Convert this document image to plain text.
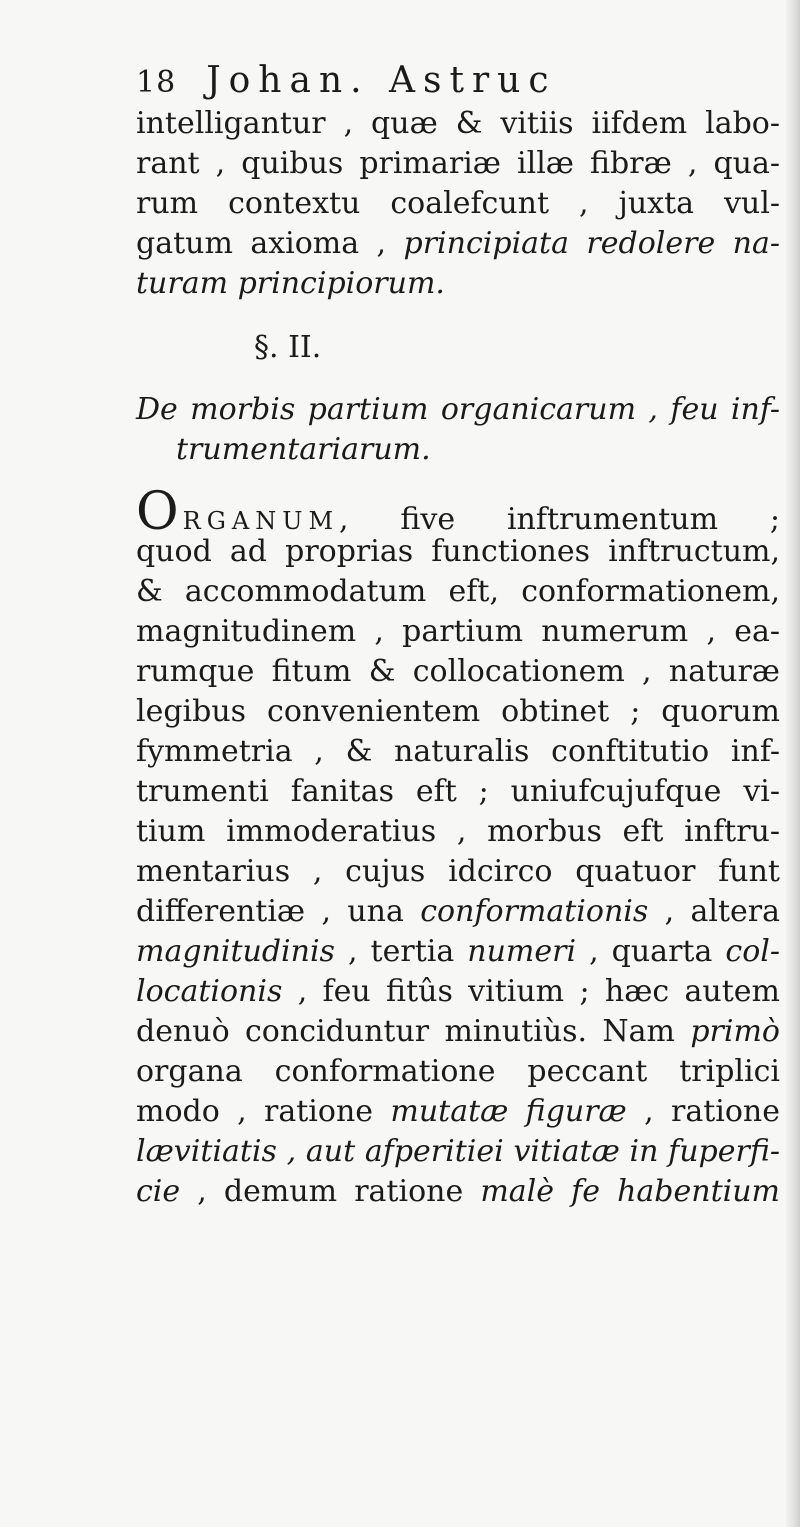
18 Johan. Astruc
intelligantur , quæ & vitiis iifdem labo-
rant , quibus primariæ illæ fibræ , qua-
rum contextu coalefcunt , juxta vul-
gatum axioma , principiata redolere na-
turam principiorum.
§. II.
De morbis partium organicarum , feu inf-
trumentariarum.
ORGANUM, five inftrumentum ;
quod ad proprias functiones inftructum,
& accommodatum eft, conformationem,
magnitudinem , partium numerum , ea-
rumque fitum & collocationem , naturæ
legibus convenientem obtinet ; quorum
fymmetria , & naturalis conftitutio inf-
trumenti fanitas eft ; uniufcujufque vi-
tium immoderatius , morbus eft inftru-
mentarius , cujus idcirco quatuor funt
differentiæ , una conformationis , altera
magnitudinis , tertia numeri , quarta col-
locationis , feu fitûs vitium ; hæc autem
denuò conciduntur minutiùs. Nam primò
organa conformatione peccant triplici
modo , ratione mutatæ figuræ , ratione
lævitiatis , aut afperitiei vitiatæ in fuperfi-
cie , demum ratione malè fe habentium
